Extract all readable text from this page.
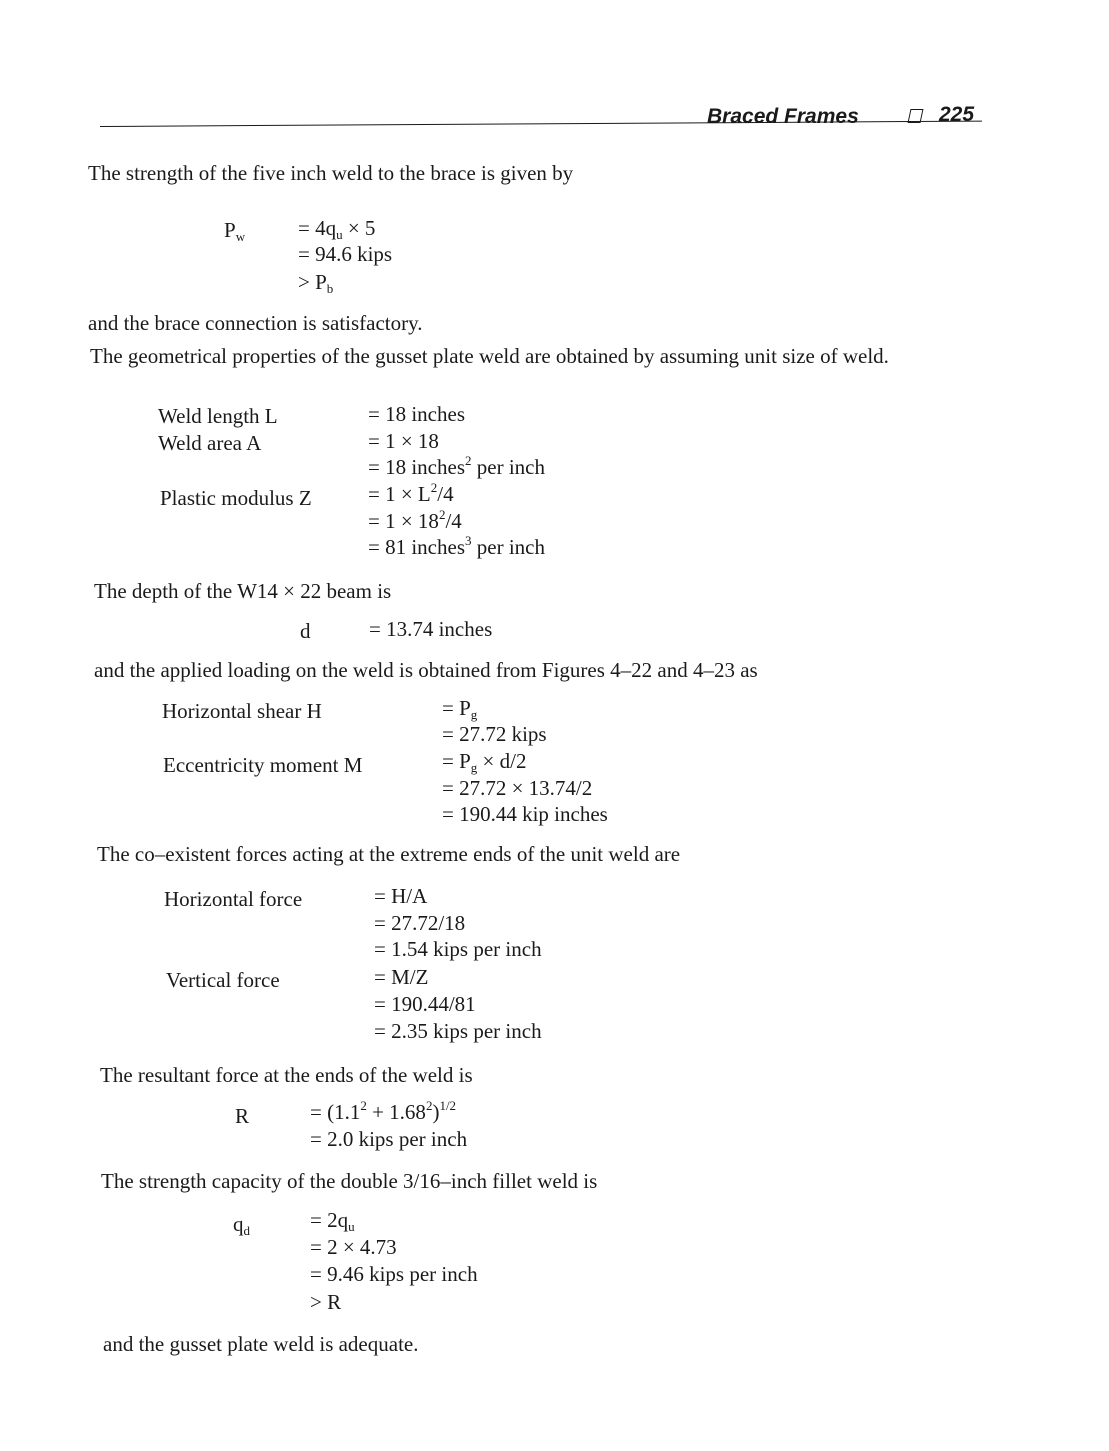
Braced Frames	225
The strength of the five inch weld to the brace is given by
$P_w$	= $4q_u \times 5$
= 94.6 kips
> $P_b$
and the brace connection is satisfactory.
The geometrical properties of the gusset plate weld are obtained by assuming unit size of weld.
Weld length L	= 18 inches
Weld area A	= 1 × 18
= 18 inches$^2$ per inch
Plastic modulus Z	= $1 \times L^2/4$
= $1 \times 18^2/4$
= 81 inches$^3$ per inch
The depth of the W14 × 22 beam is
d	= 13.74 inches
and the applied loading on the weld is obtained from Figures 4–22 and 4–23 as
Horizontal shear H	= $P_g$
= 27.72 kips
Eccentricity moment M	= $P_g \times d/2$
= 27.72 × 13.74/2
= 190.44 kip inches
The co–existent forces acting at the extreme ends of the unit weld are
Horizontal force	= H/A
= 27.72/18
= 1.54 kips per inch
Vertical force	= M/Z
= 190.44/81
= 2.35 kips per inch
The resultant force at the ends of the weld is
R	= $(1.1^2 + 1.68^2)^{1/2}$
= 2.0 kips per inch
The strength capacity of the double 3/16–inch fillet weld is
$q_d$	= $2q_u$
= 2 × 4.73
= 9.46 kips per inch
> R
and the gusset plate weld is adequate.
